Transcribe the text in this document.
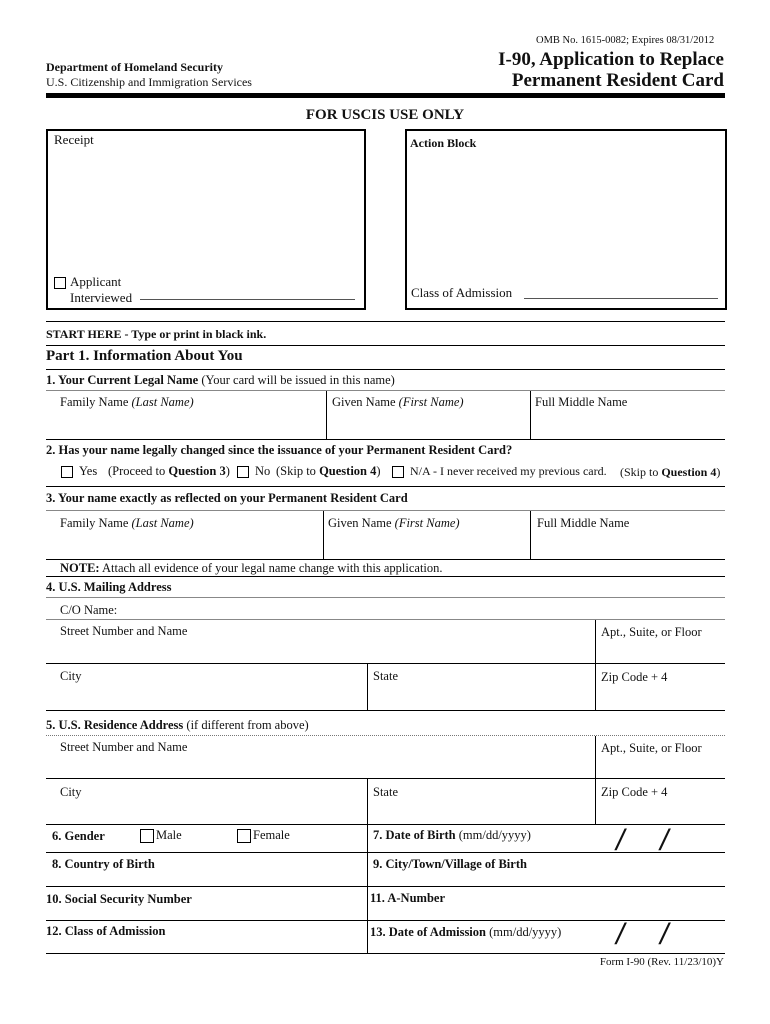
OMB No. 1615-0082; Expires 08/31/2012
Department of Homeland Security
U.S. Citizenship and Immigration Services
I-90, Application to Replace
Permanent Resident Card
FOR USCIS USE ONLY
Receipt
Applicant
Interviewed
Action Block
Class of Admission
START HERE - Type or print in black ink.
Part 1. Information About You
1. Your Current Legal Name (Your card will be issued in this name)
Family Name (Last Name)	Given Name (First Name)	Full Middle Name
2. Has your name legally changed since the issuance of your Permanent Resident Card?
Yes (Proceed to Question 3) No (Skip to Question 4) N/A - I never received my previous card. (Skip to Question 4)
3. Your name exactly as reflected on your Permanent Resident Card
Family Name (Last Name)	Given Name (First Name)	Full Middle Name
NOTE: Attach all evidence of your legal name change with this application.
4. U.S. Mailing Address
C/O Name:
Street Number and Name	Apt., Suite, or Floor
City	State	Zip Code + 4
5. U.S. Residence Address (if different from above)
Street Number and Name	Apt., Suite, or Floor
City	State	Zip Code + 4
6. Gender	Male	Female	7. Date of Birth (mm/dd/yyyy)	/ /
8. Country of Birth	9. City/Town/Village of Birth
10. Social Security Number	11. A-Number
12. Class of Admission	13. Date of Admission (mm/dd/yyyy) / /
Form I-90 (Rev. 11/23/10)Y
